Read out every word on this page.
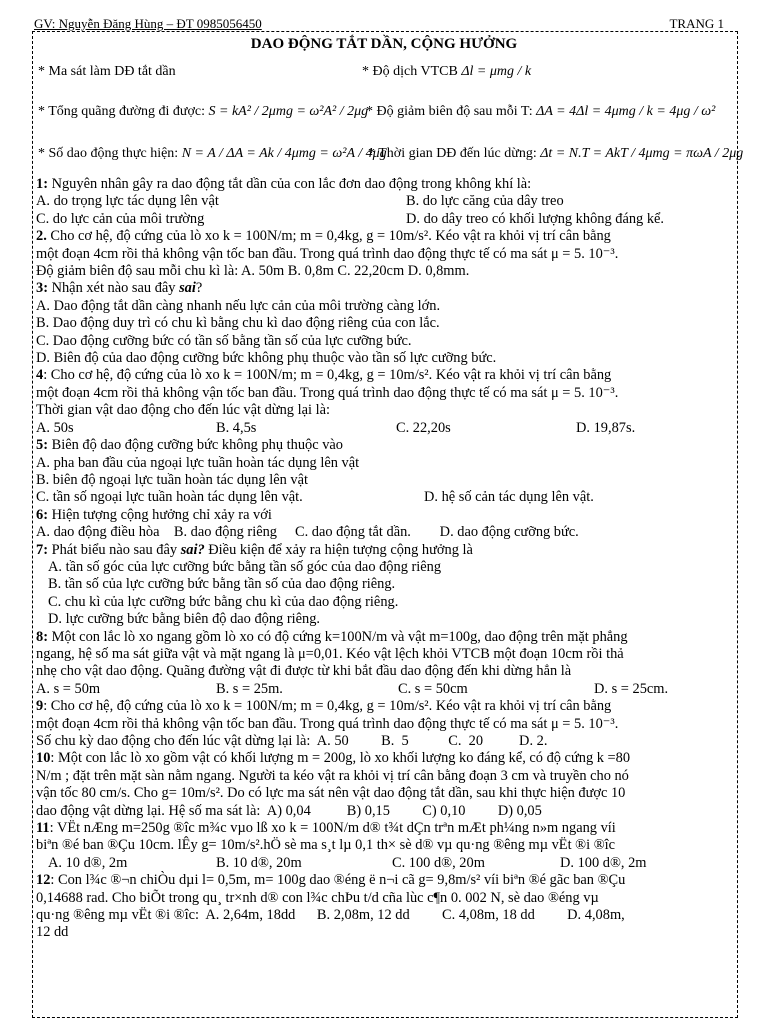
GV: Nguyễn Đăng Hùng – ĐT 0985056450	TRANG 1
DAO ĐỘNG TẮT DẦN, CỘNG HƯỞNG
* Ma sát làm DĐ tắt dần	* Độ dịch VTCB Δl = μmg / k
* Tổng quãng đường đi được: S = kA² / 2μmg = ω²A² / 2μg
* Độ giảm biên độ sau mỗi T: ΔA = 4Δl = 4μmg / k = 4μg / ω²
* Số dao động thực hiện: N = A / ΔA = Ak / 4μmg = ω²A / 4μg
* Thời gian DĐ đến lúc dừng: Δt = N.T = AkT / 4μmg = πωA / 2μg

1: Nguyên nhân gây ra dao động tắt dần của con lắc đơn dao động trong không khí là:

A. do trọng lực tác dụng lên vật	B. do lực căng của dây treo

C. do lực cản của môi trường	D. do dây treo có khối lượng không đáng kể.

2. Cho cơ hệ, độ cứng của lò xo k = 100N/m; m = 0,4kg, g = 10m/s². Kéo vật ra khỏi vị trí cân bằng

một đoạn 4cm rồi thả không vận tốc ban đầu. Trong quá trình dao động thực tế có ma sát μ = 5. 10⁻³.

Độ giảm biên độ sau mỗi chu kì là: A. 50m B. 0,8m C. 22,20cm D. 0,8mm.

3: Nhận xét nào sau đây sai?

A. Dao động tắt dần càng nhanh nếu lực cản của môi trường càng lớn.

B. Dao động duy trì có chu kì bằng chu kì dao động riêng của con lắc.

C. Dao động cưỡng bức có tần số bằng tần số của lực cưỡng bức.

D. Biên độ của dao động cưỡng bức không phụ thuộc vào tần số lực cưỡng bức.

4: Cho cơ hệ, độ cứng của lò xo k = 100N/m; m = 0,4kg, g = 10m/s². Kéo vật ra khỏi vị trí cân bằng

một đoạn 4cm rồi thả không vận tốc ban đầu. Trong quá trình dao động thực tế có ma sát μ = 5. 10⁻³.

Thời gian vật dao động cho đến lúc vật dừng lại là:

A. 50s	B. 4,5s	C. 22,20s	D. 19,87s.

5: Biên độ dao động cưỡng bức không phụ thuộc vào

A. pha ban đầu của ngoại lực tuần hoàn tác dụng lên vật

B. biên độ ngoại lực tuần hoàn tác dụng lên vật

C. tần số ngoại lực tuần hoàn tác dụng lên vật.	D. hệ số cản tác dụng lên vật.

6: Hiện tượng cộng hưởng chỉ xảy ra với

A. dao động điều hòa    B. dao động riêng     C. dao động tắt dần.        D. dao động cưỡng bức.

7: Phát biểu nào sau đây sai? Điều kiện để xảy ra hiện tượng cộng hưởng là

A. tần số góc của lực cưỡng bức bằng tần số góc của dao động riêng

B. tần số của lực cưỡng bức bằng tần số của dao động riêng.

C. chu kì của lực cưỡng bức bằng chu kì của dao động riêng.

D. lực cưỡng bức bằng biên độ dao động riêng.

8: Một con lắc lò xo ngang gồm lò xo có độ cứng k=100N/m và vật m=100g, dao động trên mặt phẳng

ngang, hệ số ma sát giữa vật và mặt ngang là μ=0,01. Kéo vật lệch khỏi VTCB một đoạn 10cm rồi thả

nhẹ cho vật dao động. Quãng đường vật đi được từ khi bắt đầu dao động đến khi dừng hẳn là

A. s = 50m	B. s = 25m.	C. s = 50cm	D. s = 25cm.

9: Cho cơ hệ, độ cứng của lò xo k = 100N/m; m = 0,4kg, g = 10m/s². Kéo vật ra khỏi vị trí cân bằng

một đoạn 4cm rồi thả không vận tốc ban đầu. Trong quá trình dao động thực tế có ma sát μ = 5. 10⁻³.

Số chu kỳ dao động cho đến lúc vật dừng lại là:  A. 50         B.  5           C.  20          D. 2.

10: Một con lắc lò xo gồm vật có khối lượng m = 200g, lò xo khối lượng ko đáng kể, có độ cứng k =80

N/m ; đặt trên mặt sàn nằm ngang. Người ta kéo vật ra khỏi vị trí cân bằng đoạn 3 cm và truyền cho nó

vận tốc 80 cm/s. Cho g= 10m/s². Do có lực ma sát nên vật dao động tắt dần, sau khi thực hiện được 10

dao động vật dừng lại. Hệ số ma sát là:  A) 0,04          B) 0,15         C) 0,10         D) 0,05

11: VËt nÆng m=250g ®îc m¾c vµo lß xo k = 100N/m d® t¾t dÇn trªn mÆt ph¼ng n»m ngang víi

biªn ®é ban ®Çu 10cm. lÊy g= 10m/s².hÖ sè ma s¸t lµ 0,1 th× sè d® vµ qu·ng ®êng mµ vËt ®i ®îc

A. 10 d®, 2m	B. 10 d®, 20m	C. 100 d®, 20m	D. 100 d®, 2m

12: Con l¾c ®¬n chiÒu dµi l= 0,5m, m= 100g dao ®éng ë n¬i cã g= 9,8m/s² víi biªn ®é gãc ban ®Çu

0,14688 rad. Cho biÕt trong qu¸ tr×nh d® con l¾c chÞu t/d cña lùc c¶n 0. 002 N, sè dao ®éng vµ

qu·ng ®êng mµ vËt ®i ®îc:  A. 2,64m, 18dd      B. 2,08m, 12 dd         C. 4,08m, 18 dd         D. 4,08m,

12 dd
